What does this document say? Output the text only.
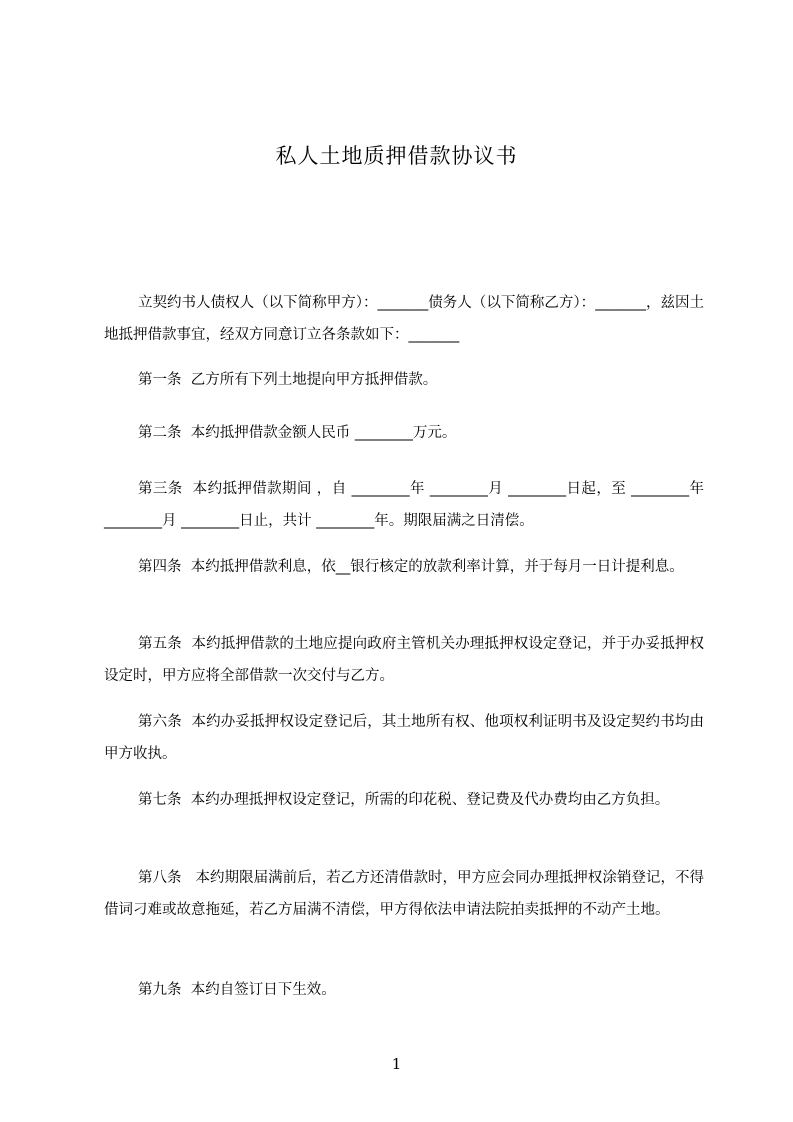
私人土地质押借款协议书
立契约书人债权人（以下简称甲方）：_______债务人（以下简称乙方）：_______，兹因土地抵押借款事宜，经双方同意订立各条款如下：_______
第一条  乙方所有下列土地提向甲方抵押借款。
第二条  本约抵押借款金额人民币 ________万元。
第三条  本约抵押借款期间 ，自 ________年 ________月 ________日起，至 ________年 ________月 ________日止，共计 ________年。期限届满之日清偿。
第四条  本约抵押借款利息，依__银行核定的放款利率计算，并于每月一日计提利息。
第五条  本约抵押借款的土地应提向政府主管机关办理抵押权设定登记，并于办妥抵押权设定时，甲方应将全部借款一次交付与乙方。
第六条  本约办妥抵押权设定登记后，其土地所有权、他项权利证明书及设定契约书均由甲方收执。
第七条  本约办理抵押权设定登记，所需的印花税、登记费及代办费均由乙方负担。
第八条   本约期限届满前后，若乙方还清借款时，甲方应会同办理抵押权涂销登记，不得借词刁难或故意拖延，若乙方届满不清偿，甲方得依法申请法院拍卖抵押的不动产土地。
第九条  本约自签订日下生效。
1
